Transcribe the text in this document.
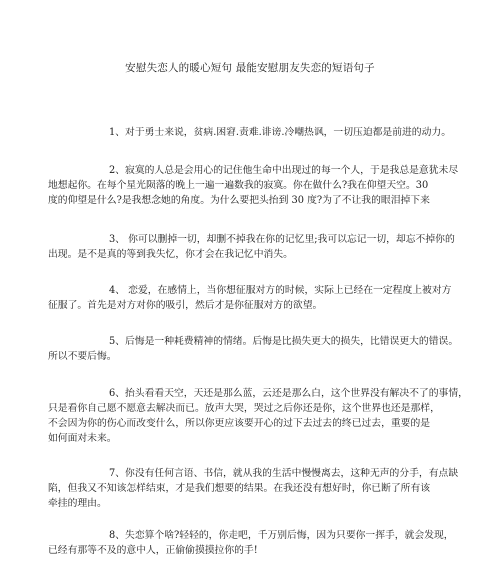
安慰失恋人的暖心短句 最能安慰朋友失恋的短语句子

1、对于勇士来说，贫病.困窘.责难.诽谤.冷嘲热讽，一切压迫都是前进的动力。

2、寂寞的人总是会用心的记住他生命中出现过的每一个人，于是我总是意犹未尽
地想起你。在每个星光陨落的晚上一遍一遍数我的寂寞。你在做什么?我在仰望天空。30
度的仰望是什么?是我想念她的角度。为什么要把头抬到 30 度?为了不让我的眼泪掉下来

3、 你可以删掉一切，却删不掉我在你的记忆里;我可以忘记一切，却忘不掉你的
出现。是不是真的等到我失忆，你才会在我记忆中消失。

4、 恋爱，在感情上，当你想征服对方的时候，实际上已经在一定程度上被对方
征服了。首先是对方对你的吸引，然后才是你征服对方的欲望。

5、后悔是一种耗费精神的情绪。后悔是比损失更大的损失，比错误更大的错误。
所以不要后悔。

6、抬头看看天空，天还是那么蓝，云还是那么白，这个世界没有解决不了的事情，
只是看你自己愿不愿意去解决而已。放声大哭，哭过之后你还是你，这个世界也还是那样，
不会因为你的伤心而改变什么，所以你更应该要开心的过下去过去的终已过去，重要的是
如何面对未来。

7、你没有任何言语、书信，就从我的生活中慢慢离去，这种无声的分手，有点缺
陷，但我又不知该怎样结束，才是我们想要的结果。在我还没有想好时，你已断了所有该
牵挂的理由。

8、失恋算个啥?轻轻的，你走吧，千万别后悔，因为只要你一挥手，就会发现，
已经有那等不及的意中人，正偷偷摸摸拉你的手!
